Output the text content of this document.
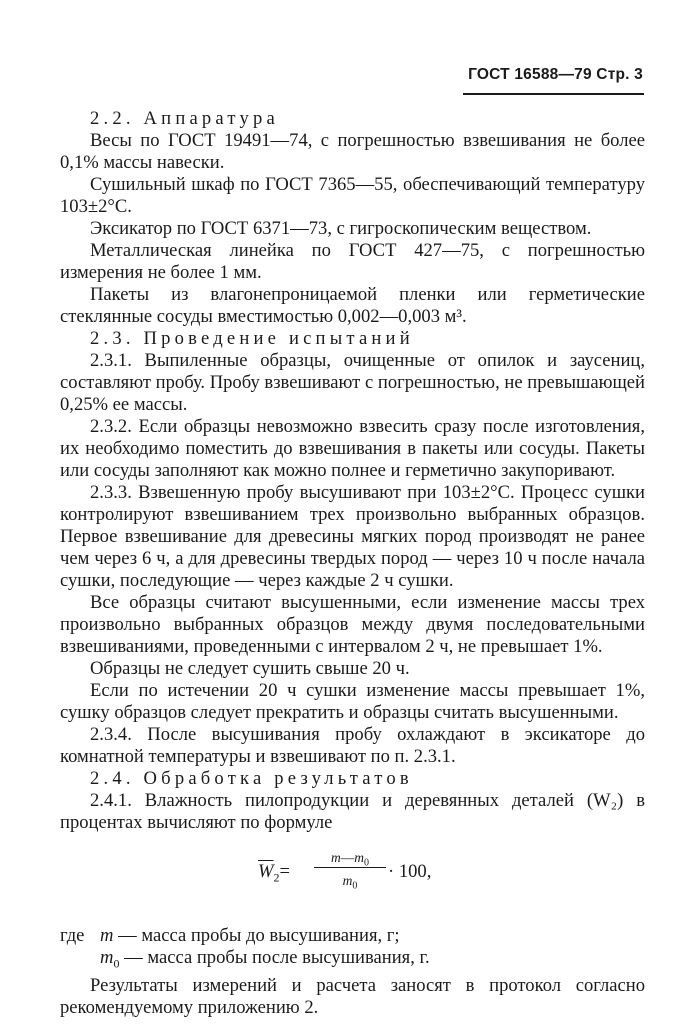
ГОСТ 16588—79 Стр. 3

2.2. Аппаратура

Весы по ГОСТ 19491—74, с погрешностью взвешивания не более 0,1% массы навески.

Сушильный шкаф по ГОСТ 7365—55, обеспечивающий температуру 103±2°С.

Эксикатор по ГОСТ 6371—73, с гигроскопическим веществом.

Металлическая линейка по ГОСТ 427—75, с погрешностью измерения не более 1 мм.

Пакеты из влагонепроницаемой пленки или герметические стеклянные сосуды вместимостью 0,002—0,003 м³.

2.3. Проведение испытаний

2.3.1. Выпиленные образцы, очищенные от опилок и заусениц, составляют пробу. Пробу взвешивают с погрешностью, не превышающей 0,25% ее массы.

2.3.2. Если образцы невозможно взвесить сразу после изготовления, их необходимо поместить до взвешивания в пакеты или сосуды. Пакеты или сосуды заполняют как можно полнее и герметично закупоривают.

2.3.3. Взвешенную пробу высушивают при 103±2°С. Процесс сушки контролируют взвешиванием трех произвольно выбранных образцов. Первое взвешивание для древесины мягких пород производят не ранее чем через 6 ч, а для древесины твердых пород — через 10 ч после начала сушки, последующие — через каждые 2 ч сушки.

Все образцы считают высушенными, если изменение массы трех произвольно выбранных образцов между двумя последовательными взвешиваниями, проведенными с интервалом 2 ч, не превышает 1%.

Образцы не следует сушить свыше 20 ч.

Если по истечении 20 ч сушки изменение массы превышает 1%, сушку образцов следует прекратить и образцы считать высушенными.

2.3.4. После высушивания пробу охлаждают в эксикаторе до комнатной температуры и взвешивают по п. 2.3.1.

2.4. Обработка результатов

2.4.1. Влажность пилопродукции и деревянных деталей (W₂) в процентах вычисляют по формуле

$\overline{W}_2=$
$m—m_0$
$m_0$
· 100,
где m — масса пробы до высушивания, г;
$m_0$ — масса пробы после высушивания, г.

Результаты измерений и расчета заносят в протокол согласно рекомендуемому приложению 2.
